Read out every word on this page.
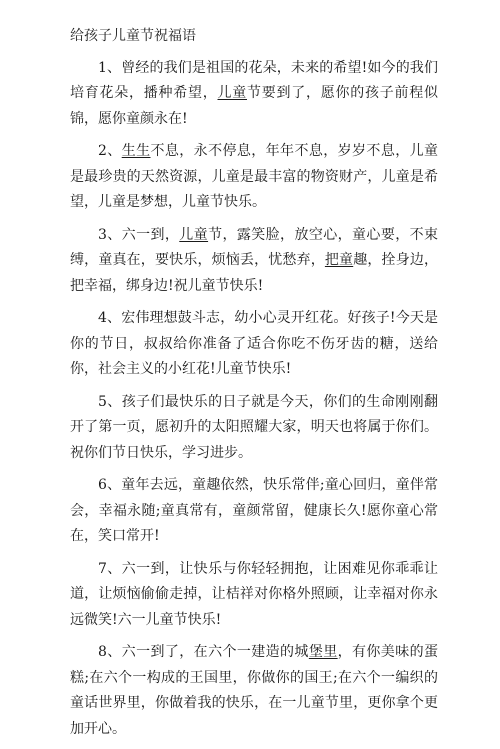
给孩子儿童节祝福语

1、曾经的我们是祖国的花朵，未来的希望!如今的我们培育花朵，播种希望，儿童节要到了，愿你的孩子前程似锦，愿你童颜永在!

2、生生不息，永不停息，年年不息，岁岁不息，儿童是最珍贵的天然资源，儿童是最丰富的物资财产，儿童是希望，儿童是梦想，儿童节快乐。

3、六一到，儿童节，露笑脸，放空心，童心要，不束缚，童真在，要快乐，烦恼丢，忧愁弃，把童趣，拴身边，把幸福，绑身边!祝儿童节快乐!

4、宏伟理想鼓斗志，幼小心灵开红花。好孩子!今天是你的节日，叔叔给你准备了适合你吃不伤牙齿的糖，送给你，社会主义的小红花!儿童节快乐!

5、孩子们最快乐的日子就是今天，你们的生命刚刚翻开了第一页，愿初升的太阳照耀大家，明天也将属于你们。祝你们节日快乐，学习进步。

6、童年去远，童趣依然，快乐常伴;童心回归，童伴常会，幸福永随;童真常有，童颜常留，健康长久!愿你童心常在，笑口常开!

7、六一到，让快乐与你轻轻拥抱，让困难见你乖乖让道，让烦恼偷偷走掉，让桔祥对你格外照顾，让幸福对你永远微笑!六一儿童节快乐!

8、六一到了，在六个一建造的城堡里，有你美味的蛋糕;在六个一构成的王国里，你做你的国王;在六个一编织的童话世界里，你做着我的快乐，在一儿童节里，更你拿个更加开心。
